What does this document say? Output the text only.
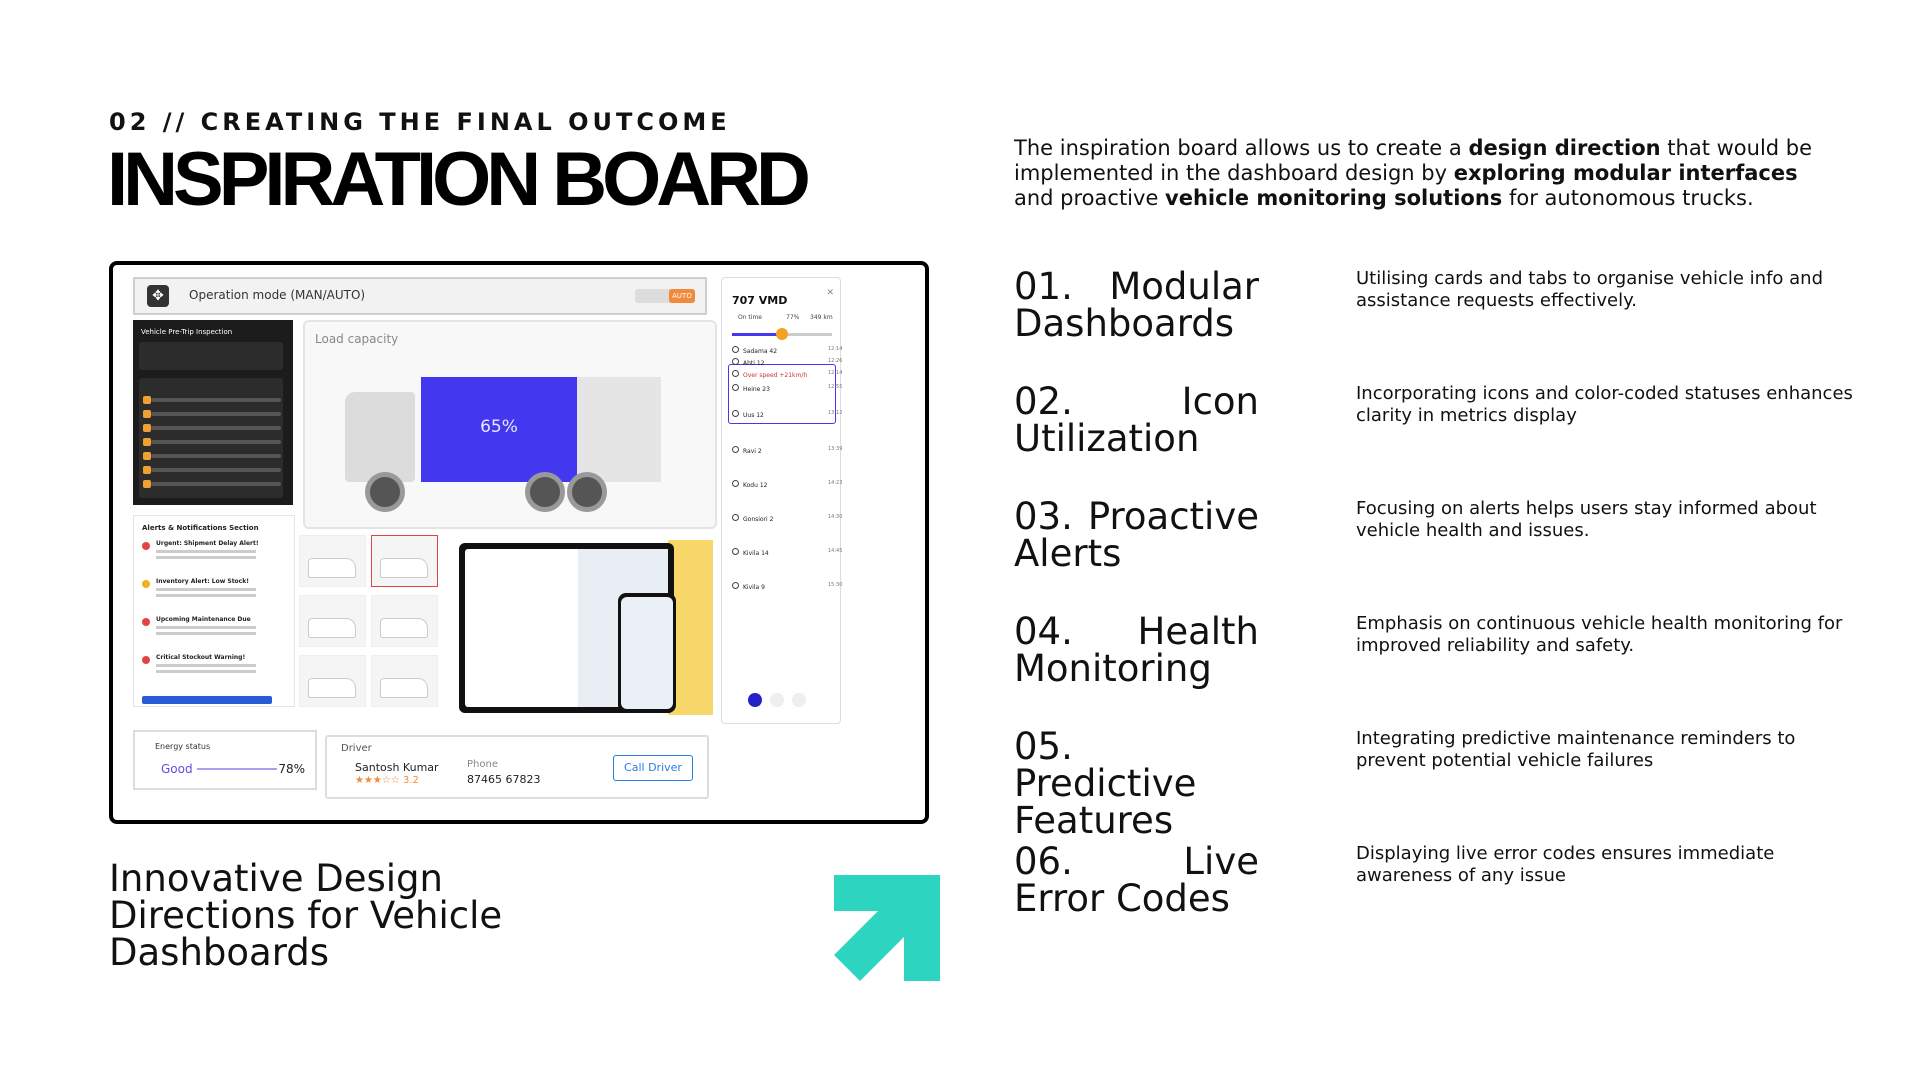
02 // CREATING THE FINAL OUTCOME
INSPIRATION BOARD	The inspiration board allows us to create a design direction that would be implemented in the dashboard design by exploring modular interfaces and proactive vehicle monitoring solutions for autonomous trucks.
✥	Operation mode (MAN/AUTO)	AUTO
Vehicle Pre-Trip Inspection	Load capacity
65%
Alerts & Notifications Section
Urgent: Shipment Delay Alert!
Inventory Alert: Low Stock!
Upcoming Maintenance Due
Critical Stockout Warning!
707 VMD
✕
On time	77% 349 km
Sadama 42	12:14
Ahti 12	12:26
Over speed +21km/h	12:14
Heine 23	12:55
Uus 12	13:12
Ravi 2	13:39
Kodu 12	14:23
Gonsiori 2	14:30
Kivila 14	14:45
Kivila 9	15:30
Energy status
Good	78%
Driver
Santosh Kumar
★★★☆☆ 3.2
Phone
87465 67823
Call Driver
Innovative Design Directions for Vehicle Dashboards
01. Modular Dashboards
Utilising cards and tabs to organise vehicle info and assistance requests effectively.
02. Icon Utilization
Incorporating icons and color-coded statuses enhances clarity in metrics display
03. Proactive Alerts
Focusing on alerts helps users stay informed about vehicle health and issues.
04. Health Monitoring
Emphasis on continuous vehicle health monitoring for improved reliability and safety.
05. Predictive Features
Integrating predictive maintenance reminders to prevent potential vehicle failures
06. Live Error Codes
Displaying live error codes ensures immediate awareness of any issue
